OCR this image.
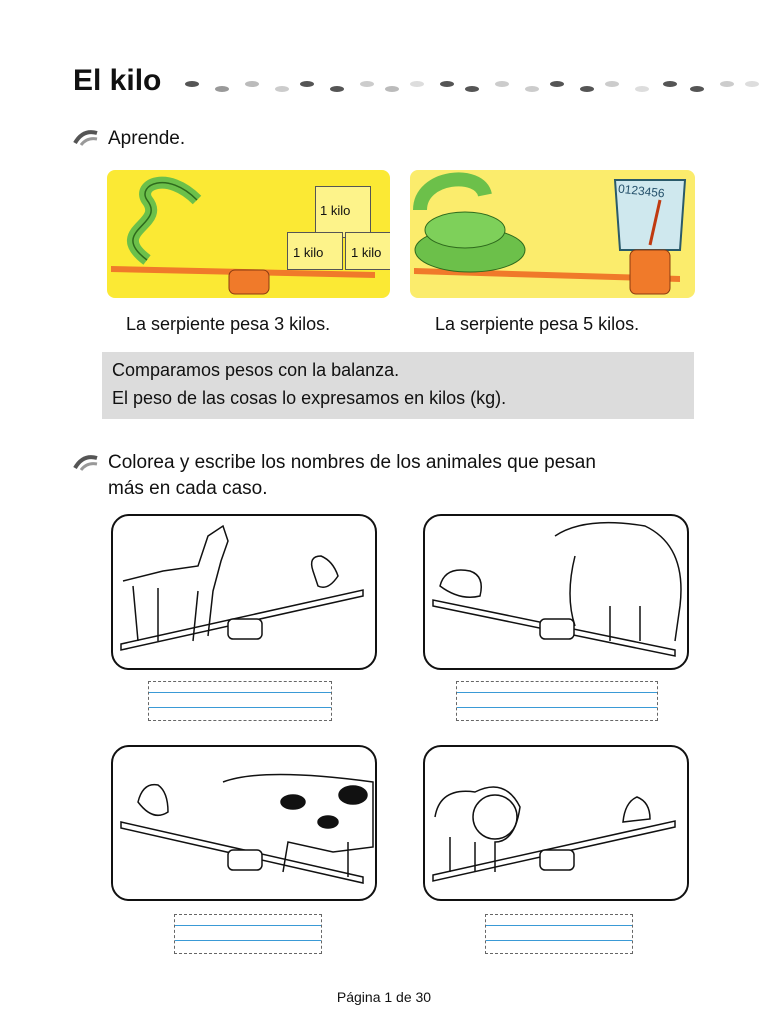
El kilo
Aprende.
1 kilo
1 kilo 1 kilo
0123456
La serpiente pesa 3 kilos.	La serpiente pesa 5 kilos.
Comparamos pesos con la balanza.
El peso de las cosas lo expresamos en kilos (kg).
Colorea y escribe los nombres de los animales que pesan
más en cada caso.
Página 1 de 30
